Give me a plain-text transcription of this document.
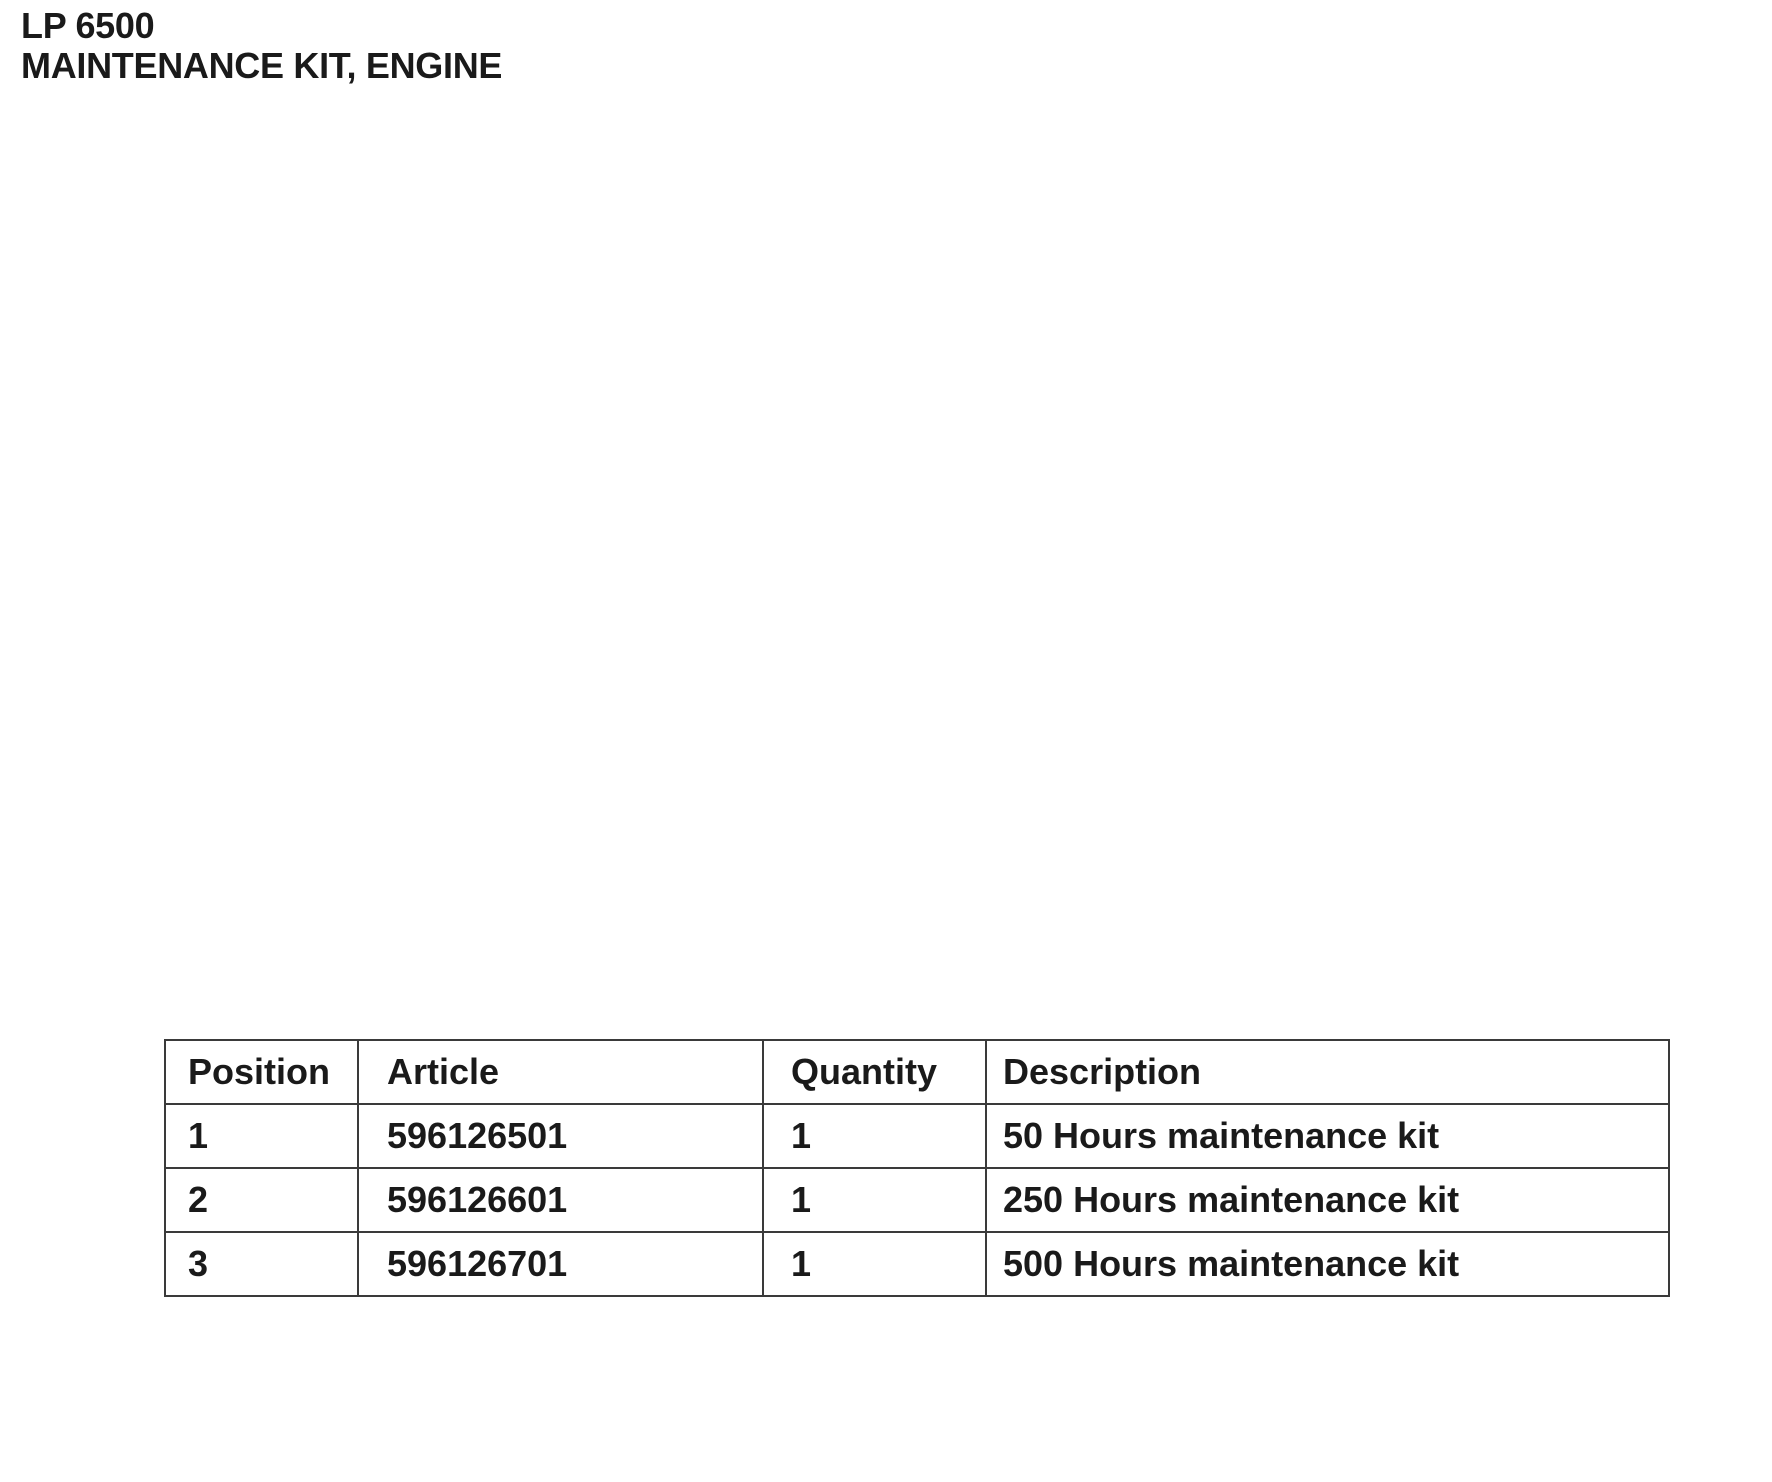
LP 6500
MAINTENANCE KIT, ENGINE
Position	Article	Quantity	Description
1	596126501	1	50 Hours maintenance kit
2	596126601	1	250 Hours maintenance kit
3	596126701	1	500 Hours maintenance kit
